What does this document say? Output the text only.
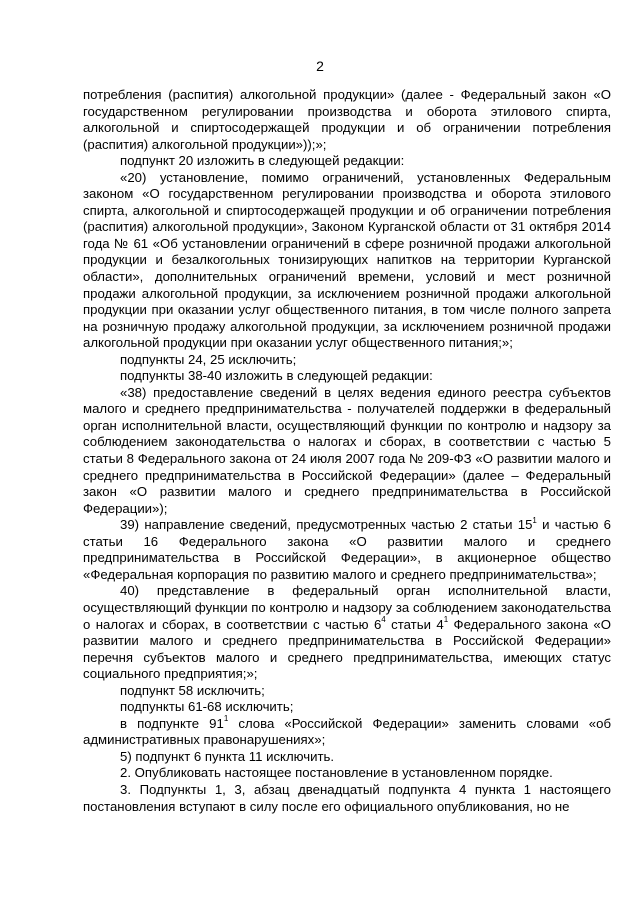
2

потребления (распития) алкогольной продукции» (далее - Федеральный закон «О государственном регулировании производства и оборота этилового спирта, алкогольной и спиртосодержащей продукции и об ограничении потребления (распития) алкогольной продукции»));»;

подпункт 20 изложить в следующей редакции:

«20) установление, помимо ограничений, установленных Федеральным законом «О государственном регулировании производства и оборота этилового спирта, алкогольной и спиртосодержащей продукции и об ограничении потребления (распития) алкогольной продукции», Законом Курганской области от 31 октября 2014 года № 61 «Об установлении ограничений в сфере розничной продажи алкогольной продукции и безалкогольных тонизирующих напитков на территории Курганской области», дополнительных ограничений времени, условий и мест розничной продажи алкогольной продукции, за исключением розничной продажи алкогольной продукции при оказании услуг общественного питания, в том числе полного запрета на розничную продажу алкогольной продукции, за исключением розничной продажи алкогольной продукции при оказании услуг общественного питания;»;

подпункты 24, 25 исключить;

подпункты 38-40 изложить в следующей редакции:

«38) предоставление сведений в целях ведения единого реестра субъектов малого и среднего предпринимательства - получателей поддержки в федеральный орган исполнительной власти, осуществляющий функции по контролю и надзору за соблюдением законодательства о налогах и сборах, в соответствии с частью 5 статьи 8 Федерального закона от 24 июля 2007 года № 209-ФЗ «О развитии малого и среднего предпринимательства в Российской Федерации» (далее – Федеральный закон «О развитии малого и среднего предпринимательства в Российской Федерации»);

39) направление сведений, предусмотренных частью 2 статьи $15^1$ и частью 6 статьи 16 Федерального закона «О развитии малого и среднего предпринимательства в Российской Федерации», в акционерное общество «Федеральная корпорация по развитию малого и среднего предпринимательства»;

40) представление в федеральный орган исполнительной власти, осуществляющий функции по контролю и надзору за соблюдением законодательства о налогах и сборах, в соответствии с частью $6^4$ статьи $4^1$ Федерального закона «О развитии малого и среднего предпринимательства в Российской Федерации» перечня субъектов малого и среднего предпринимательства, имеющих статус социального предприятия;»;

подпункт 58 исключить;

подпункты 61-68 исключить;

в подпункте $91^1$ слова «Российской Федерации» заменить словами «об административных правонарушениях»;

5) подпункт 6 пункта 11 исключить.

2. Опубликовать настоящее постановление в установленном порядке.

3. Подпункты 1, 3, абзац двенадцатый подпункта 4 пункта 1 настоящего постановления вступают в силу после его официального опубликования, но не
